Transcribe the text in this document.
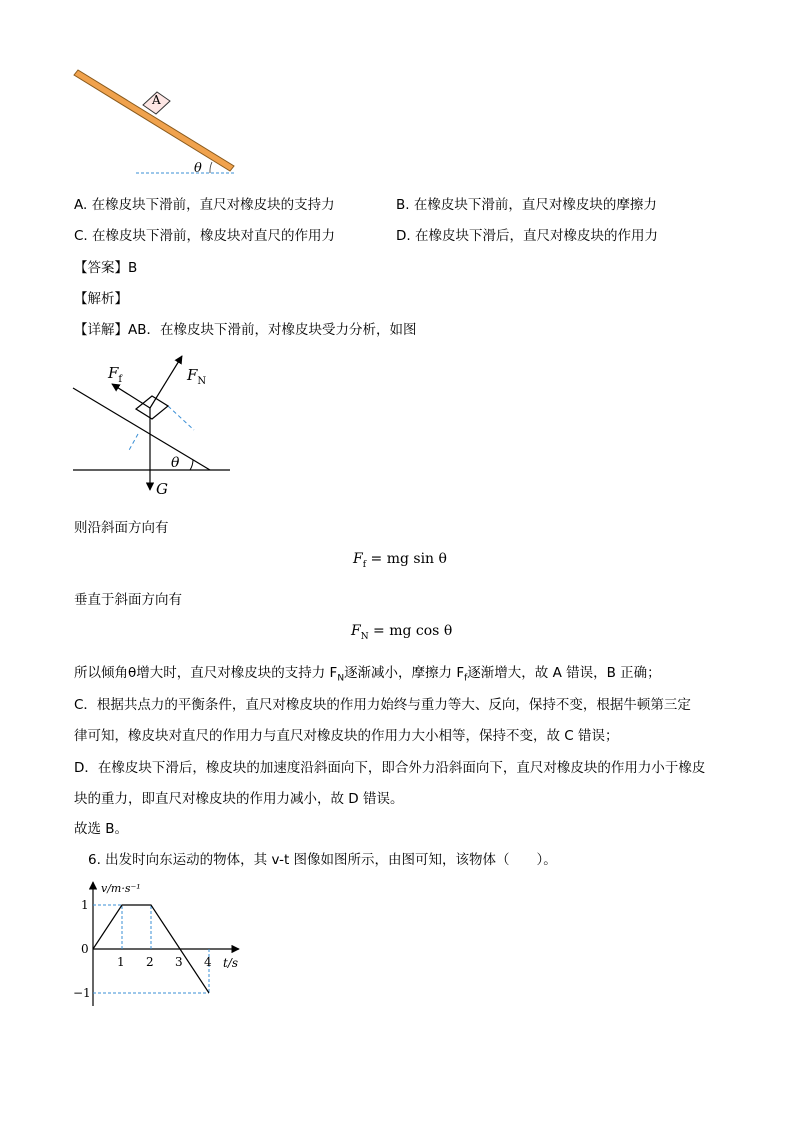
A
θ
A. 在橡皮块下滑前，直尺对橡皮块的支持力	B. 在橡皮块下滑前，直尺对橡皮块的摩擦力
C. 在橡皮块下滑前，橡皮块对直尺的作用力	D. 在橡皮块下滑后，直尺对橡皮块的作用力
【答案】B
【解析】
【详解】AB．在橡皮块下滑前，对橡皮块受力分析，如图
$F_f$	$F_N$
G
θ
则沿斜面方向有
$F_f$ = mg sin θ
垂直于斜面方向有
$F_N$ = mg cos θ
所以倾角θ增大时，直尺对橡皮块的支持力 $F_N$逐渐减小，摩擦力 $F_f$逐渐增大，故 A 错误，B 正确；
C．根据共点力的平衡条件，直尺对橡皮块的作用力始终与重力等大、反向，保持不变，根据牛顿第三定
律可知，橡皮块对直尺的作用力与直尺对橡皮块的作用力大小相等，保持不变，故 C 错误；
D．在橡皮块下滑后，橡皮块的加速度沿斜面向下，即合外力沿斜面向下，直尺对橡皮块的作用力小于橡皮
块的重力，即直尺对橡皮块的作用力减小，故 D 错误。
故选 B。
6. 出发时向东运动的物体，其 v-t 图像如图所示，由图可知，该物体（　　）。
1 2 3 4
1
0
−1
v/m·s⁻¹
t/s
